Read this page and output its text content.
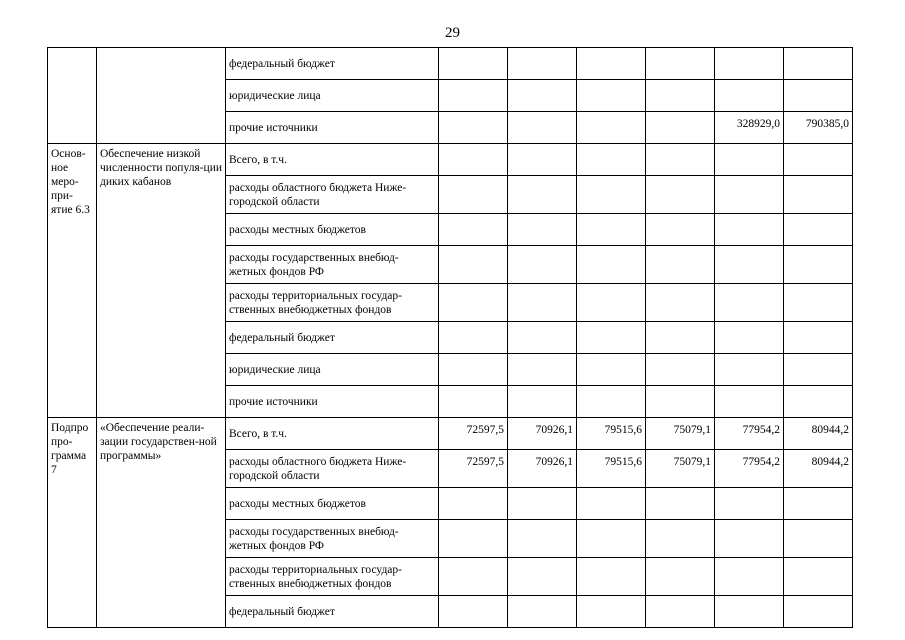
29
		федеральный бюджет						
		юридические лица						
		прочие источники					328929,0	790385,0
Основ-ное меро-при-ятие 6.3	Обеспечение низкой численности популя-ции диких кабанов	Всего, в т.ч.						
		расходы областного бюджета Ниже-городской области						
		расходы местных бюджетов						
		расходы государственных внебюд-жетных фондов РФ						
		расходы территориальных государ-ственных внебюджетных фондов						
		федеральный бюджет						
		юридические лица						
		прочие источники						
Подпро про-грамма 7	«Обеспечение реали-зации государствен-ной программы»	Всего, в т.ч.	72597,5	70926,1	79515,6	75079,1	77954,2	80944,2
		расходы областного бюджета Ниже-городской области	72597,5	70926,1	79515,6	75079,1	77954,2	80944,2
		расходы местных бюджетов						
		расходы государственных внебюд-жетных фондов РФ						
		расходы территориальных государ-ственных внебюджетных фондов						
		федеральный бюджет						
